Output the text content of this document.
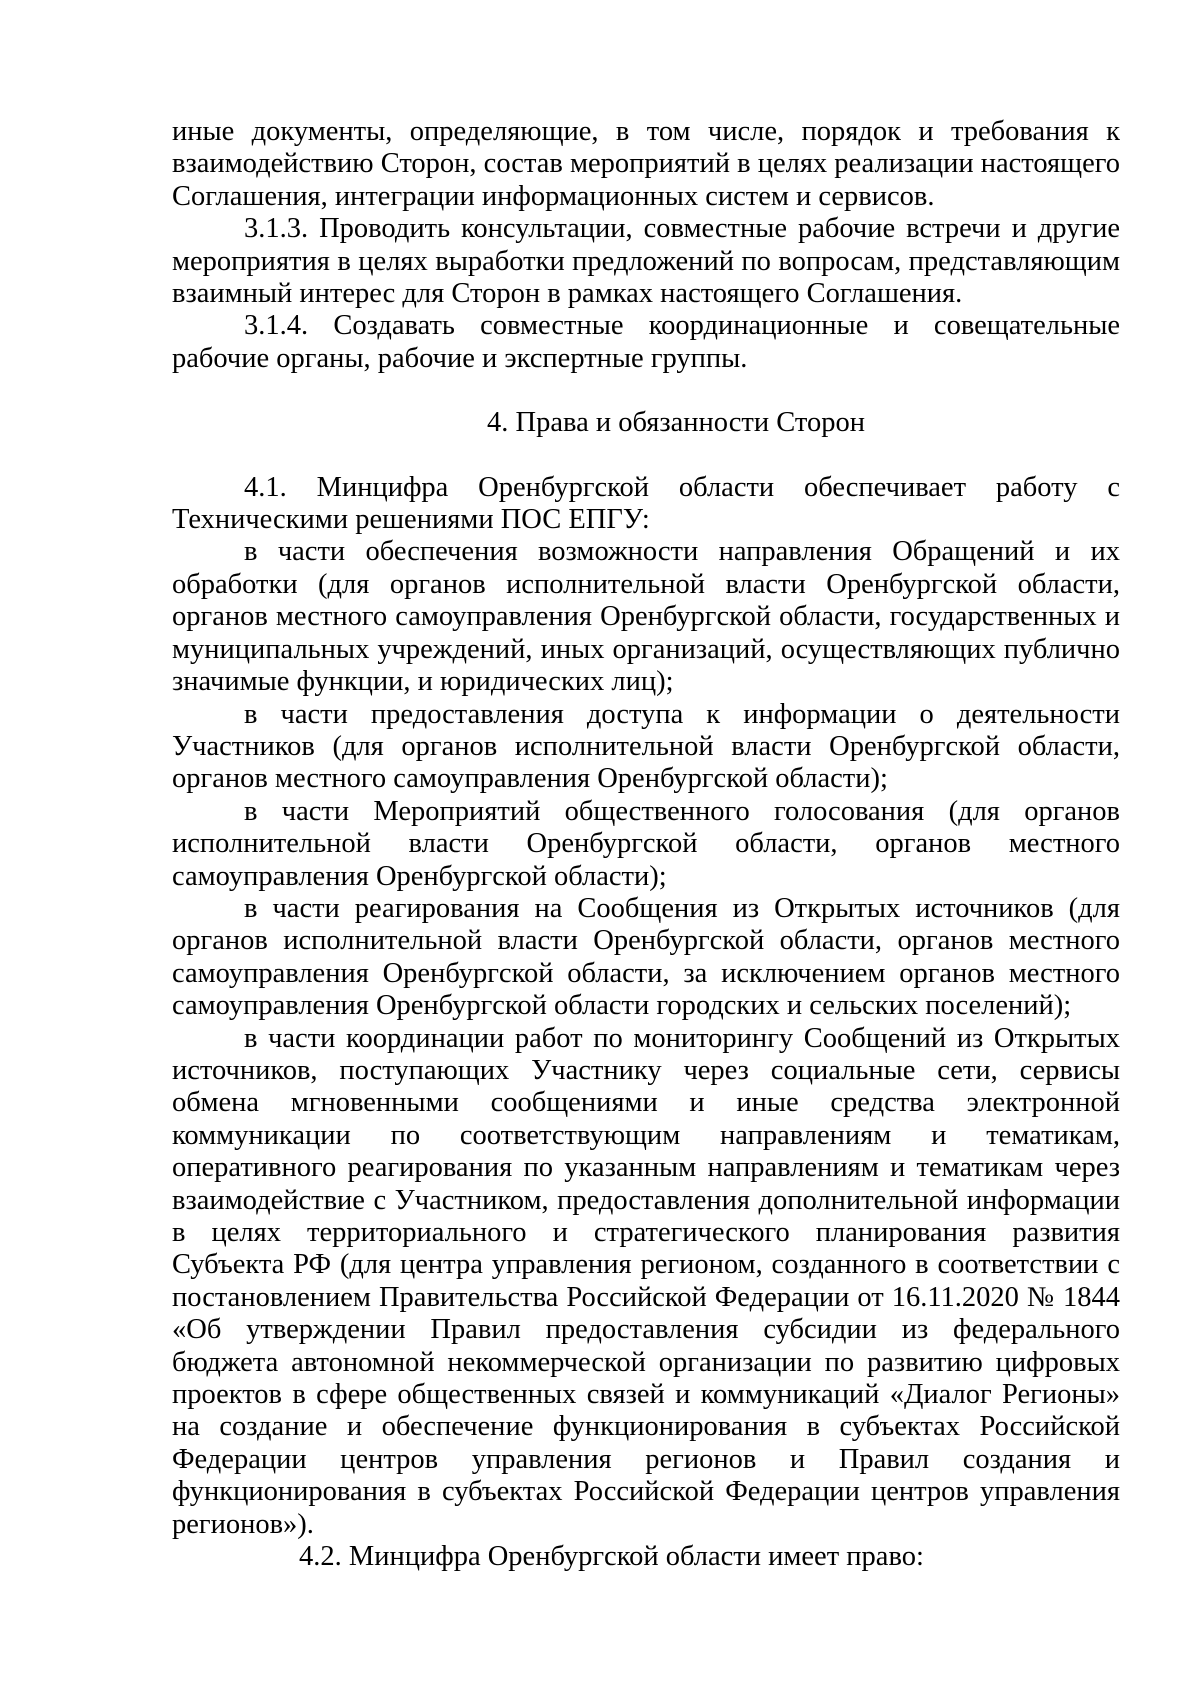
иные документы, определяющие, в том числе, порядок и требования к взаимодействию Сторон, состав мероприятий в целях реализации настоящего Соглашения, интеграции информационных систем и сервисов.

3.1.3. Проводить консультации, совместные рабочие встречи и другие мероприятия в целях выработки предложений по вопросам, представляющим взаимный интерес для Сторон в рамках настоящего Соглашения.

3.1.4. Создавать совместные координационные и совещательные рабочие органы, рабочие и экспертные группы.

4. Права и обязанности Сторон

4.1. Минцифра Оренбургской области обеспечивает работу с Техническими решениями ПОС ЕПГУ:

в части обеспечения возможности направления Обращений и их обработки (для органов исполнительной власти Оренбургской области, органов местного самоуправления Оренбургской области, государственных и муниципальных учреждений, иных организаций, осуществляющих публично значимые функции, и юридических лиц);

в части предоставления доступа к информации о деятельности Участников (для органов исполнительной власти Оренбургской области, органов местного самоуправления Оренбургской области);

в части Мероприятий общественного голосования (для органов исполнительной власти Оренбургской области, органов местного самоуправления Оренбургской области);

в части реагирования на Сообщения из Открытых источников (для органов исполнительной власти Оренбургской области, органов местного самоуправления Оренбургской области, за исключением органов местного самоуправления Оренбургской области городских и сельских поселений);

в части координации работ по мониторингу Сообщений из Открытых источников, поступающих Участнику через социальные сети, сервисы обмена мгновенными сообщениями и иные средства электронной коммуникации по соответствующим направлениям и тематикам, оперативного реагирования по указанным направлениям и тематикам через взаимодействие с Участником, предоставления дополнительной информации в целях территориального и стратегического планирования развития Субъекта РФ (для центра управления регионом, созданного в соответствии с постановлением Правительства Российской Федерации от 16.11.2020 № 1844 «Об утверждении Правил предоставления субсидии из федерального бюджета автономной некоммерческой организации по развитию цифровых проектов в сфере общественных связей и коммуникаций «Диалог Регионы» на создание и обеспечение функционирования в субъектах Российской Федерации центров управления регионов и Правил создания и функционирования в субъектах Российской Федерации центров управления регионов»).

4.2. Минцифра Оренбургской области имеет право:
